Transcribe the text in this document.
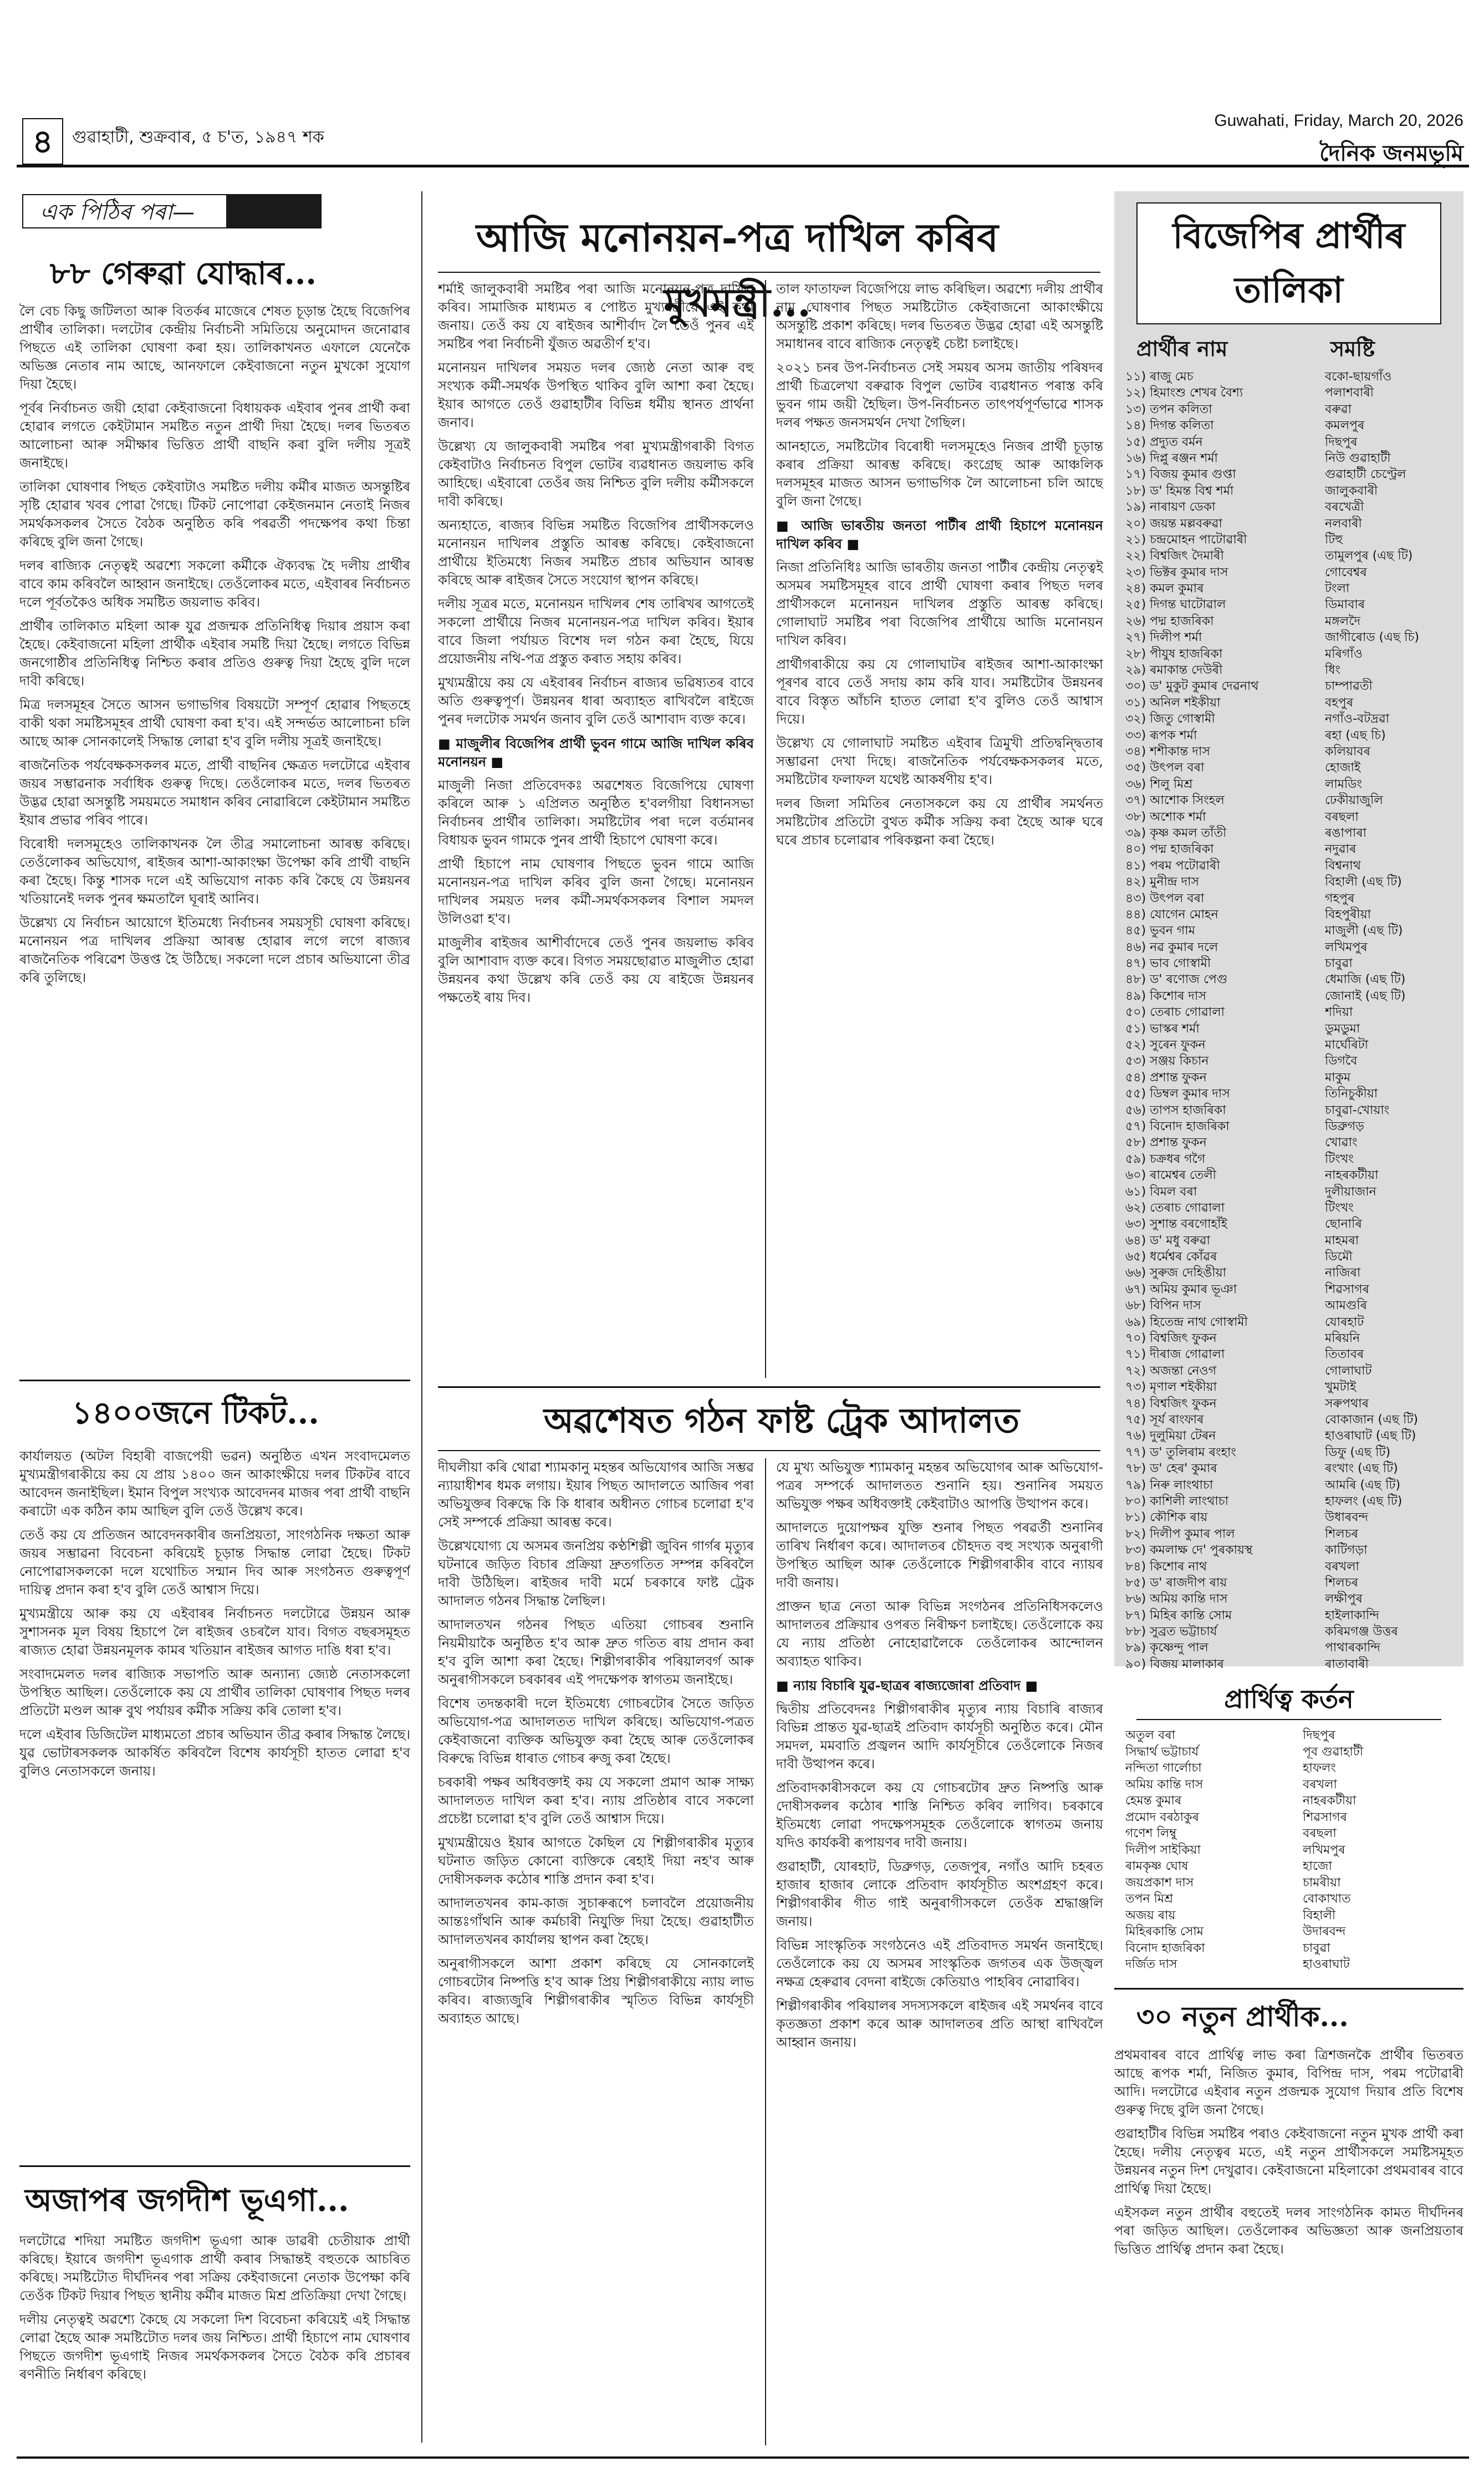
৪	গুৱাহাটী, শুক্রবাৰ, ৫ চ'ত, ১৯৪৭ শক
Guwahati, Friday, March 20, 2026
দৈনিক জনমভূমি
এক পিঠিৰ পৰা—
৮৮ গেৰুৱা যোদ্ধাৰ...

লৈ বেচ কিছু জটিলতা আৰু বিতৰ্কৰ মাজেৰে শেষত চূড়ান্ত হৈছে বিজেপিৰ প্ৰাৰ্থীৰ তালিকা। দলটোৰ কেন্দ্ৰীয় নিৰ্বাচনী সমিতিয়ে অনুমোদন জনোৱাৰ পিছতে এই তালিকা ঘোষণা কৰা হয়। তালিকাখনত এফালে যেনেকৈ অভিজ্ঞ নেতাৰ নাম আছে, আনফালে কেইবাজনো নতুন মুখকো সুযোগ দিয়া হৈছে।

পূৰ্বৰ নিৰ্বাচনত জয়ী হোৱা কেইবাজনো বিধায়কক এইবাৰ পুনৰ প্ৰাৰ্থী কৰা হোৱাৰ লগতে কেইটামান সমষ্টিত নতুন প্ৰাৰ্থী দিয়া হৈছে। দলৰ ভিতৰত আলোচনা আৰু সমীক্ষাৰ ভিত্তিত প্ৰাৰ্থী বাছনি কৰা বুলি দলীয় সূত্ৰই জনাইছে।

তালিকা ঘোষণাৰ পিছত কেইবাটাও সমষ্টিত দলীয় কৰ্মীৰ মাজত অসন্তুষ্টিৰ সৃষ্টি হোৱাৰ খবৰ পোৱা গৈছে। টিকট নোপোৱা কেইজনমান নেতাই নিজৰ সমৰ্থকসকলৰ সৈতে বৈঠক অনুষ্ঠিত কৰি পৰৱৰ্তী পদক্ষেপৰ কথা চিন্তা কৰিছে বুলি জনা গৈছে।

দলৰ ৰাজ্যিক নেতৃত্বই অৱশ্যে সকলো কৰ্মীকে ঐক্যবদ্ধ হৈ দলীয় প্ৰাৰ্থীৰ বাবে কাম কৰিবলৈ আহ্বান জনাইছে। তেওঁলোকৰ মতে, এইবাৰৰ নিৰ্বাচনত দলে পূৰ্বতকৈও অধিক সমষ্টিত জয়লাভ কৰিব।

প্ৰাৰ্থীৰ তালিকাত মহিলা আৰু যুৱ প্ৰজন্মক প্ৰতিনিধিত্ব দিয়াৰ প্ৰয়াস কৰা হৈছে। কেইবাজনো মহিলা প্ৰাৰ্থীক এইবাৰ সমষ্টি দিয়া হৈছে। লগতে বিভিন্ন জনগোষ্ঠীৰ প্ৰতিনিধিত্ব নিশ্চিত কৰাৰ প্ৰতিও গুৰুত্ব দিয়া হৈছে বুলি দলে দাবী কৰিছে।

মিত্ৰ দলসমূহৰ সৈতে আসন ভগাভগিৰ বিষয়টো সম্পূৰ্ণ হোৱাৰ পিছতহে বাকী থকা সমষ্টিসমূহৰ প্ৰাৰ্থী ঘোষণা কৰা হ'ব। এই সন্দৰ্ভত আলোচনা চলি আছে আৰু সোনকালেই সিদ্ধান্ত লোৱা হ'ব বুলি দলীয় সূত্ৰই জনাইছে।

ৰাজনৈতিক পৰ্যবেক্ষকসকলৰ মতে, প্ৰাৰ্থী বাছনিৰ ক্ষেত্ৰত দলটোৱে এইবাৰ জয়ৰ সম্ভাৱনাক সৰ্বাধিক গুৰুত্ব দিছে। তেওঁলোকৰ মতে, দলৰ ভিতৰত উদ্ভৱ হোৱা অসন্তুষ্টি সময়মতে সমাধান কৰিব নোৱাৰিলে কেইটামান সমষ্টিত ইয়াৰ প্ৰভাৱ পৰিব পাৰে।

বিৰোধী দলসমূহেও তালিকাখনক লৈ তীব্ৰ সমালোচনা আৰম্ভ কৰিছে। তেওঁলোকৰ অভিযোগ, ৰাইজৰ আশা-আকাংক্ষা উপেক্ষা কৰি প্ৰাৰ্থী বাছনি কৰা হৈছে। কিন্তু শাসক দলে এই অভিযোগ নাকচ কৰি কৈছে যে উন্নয়নৰ খতিয়ানেই দলক পুনৰ ক্ষমতালৈ ঘূৰাই আনিব।

উল্লেখ্য যে নিৰ্বাচন আয়োগে ইতিমধ্যে নিৰ্বাচনৰ সময়সূচী ঘোষণা কৰিছে। মনোনয়ন পত্ৰ দাখিলৰ প্ৰক্ৰিয়া আৰম্ভ হোৱাৰ লগে লগে ৰাজ্যৰ ৰাজনৈতিক পৰিৱেশ উত্তপ্ত হৈ উঠিছে। সকলো দলে প্ৰচাৰ অভিযানো তীব্ৰ কৰি তুলিছে।

১৪০০জনে টিকট...

কাৰ্যালয়ত (অটল বিহাৰী বাজপেয়ী ভৱন) অনুষ্ঠিত এখন সংবাদমেলত মুখ্যমন্ত্ৰীগৰাকীয়ে কয় যে প্ৰায় ১৪০০ জন আকাংক্ষীয়ে দলৰ টিকটৰ বাবে আবেদন জনাইছিল। ইমান বিপুল সংখ্যক আবেদনৰ মাজৰ পৰা প্ৰাৰ্থী বাছনি কৰাটো এক কঠিন কাম আছিল বুলি তেওঁ উল্লেখ কৰে।

তেওঁ কয় যে প্ৰতিজন আবেদনকাৰীৰ জনপ্ৰিয়তা, সাংগঠনিক দক্ষতা আৰু জয়ৰ সম্ভাৱনা বিবেচনা কৰিয়েই চূড়ান্ত সিদ্ধান্ত লোৱা হৈছে। টিকট নোপোৱাসকলকো দলে যথোচিত সন্মান দিব আৰু সংগঠনত গুৰুত্বপূৰ্ণ দায়িত্ব প্ৰদান কৰা হ'ব বুলি তেওঁ আশ্বাস দিয়ে।

মুখ্যমন্ত্ৰীয়ে আৰু কয় যে এইবাৰৰ নিৰ্বাচনত দলটোৱে উন্নয়ন আৰু সুশাসনক মূল বিষয় হিচাপে লৈ ৰাইজৰ ওচৰলৈ যাব। বিগত বছৰসমূহত ৰাজ্যত হোৱা উন্নয়নমূলক কামৰ খতিয়ান ৰাইজৰ আগত দাঙি ধৰা হ'ব।

সংবাদমেলত দলৰ ৰাজ্যিক সভাপতি আৰু অন্যান্য জ্যেষ্ঠ নেতাসকলো উপস্থিত আছিল। তেওঁলোকে কয় যে প্ৰাৰ্থীৰ তালিকা ঘোষণাৰ পিছত দলৰ প্ৰতিটো মণ্ডল আৰু বুথ পৰ্যায়ৰ কৰ্মীক সক্ৰিয় কৰি তোলা হ'ব।

দলে এইবাৰ ডিজিটেল মাধ্যমতো প্ৰচাৰ অভিযান তীব্ৰ কৰাৰ সিদ্ধান্ত লৈছে। যুৱ ভোটাৰসকলক আকৰ্ষিত কৰিবলৈ বিশেষ কাৰ্যসূচী হাতত লোৱা হ'ব বুলিও নেতাসকলে জনায়।

অজাপৰ জগদীশ ভূএগা...

দলটোৱে শদিয়া সমষ্টিত জগদীশ ভূএগা আৰু ডাৱৰী চেতীয়াক প্ৰাৰ্থী কৰিছে। ইয়াৰে জগদীশ ভূএগাক প্ৰাৰ্থী কৰাৰ সিদ্ধান্তই বহুতকে আচৰিত কৰিছে। সমষ্টিটোত দীৰ্ঘদিনৰ পৰা সক্ৰিয় কেইবাজনো নেতাক উপেক্ষা কৰি তেওঁক টিকট দিয়াৰ পিছত স্থানীয় কৰ্মীৰ মাজত মিশ্ৰ প্ৰতিক্ৰিয়া দেখা গৈছে।

দলীয় নেতৃত্বই অৱশ্যে কৈছে যে সকলো দিশ বিবেচনা কৰিয়েই এই সিদ্ধান্ত লোৱা হৈছে আৰু সমষ্টিটোত দলৰ জয় নিশ্চিত। প্ৰাৰ্থী হিচাপে নাম ঘোষণাৰ পিছতে জগদীশ ভূএগাই নিজৰ সমৰ্থকসকলৰ সৈতে বৈঠক কৰি প্ৰচাৰৰ ৰণনীতি নিৰ্ধাৰণ কৰিছে।

আজি মনোনয়ন-পত্ৰ দাখিল কৰিব মুখমন্ত্ৰী...

শৰ্মাই জালুকবাৰী সমষ্টিৰ পৰা আজি মনোনয়ন-পত্ৰ দাখিল কৰিব। সামাজিক মাধ্যমত ৰ পোষ্টত মুখ্যমন্ত্ৰীয়ে এই কথা জনায়। তেওঁ কয় যে ৰাইজৰ আশীৰ্বাদ লৈ তেওঁ পুনৰ এই সমষ্টিৰ পৰা নিৰ্বাচনী যুঁজত অৱতীৰ্ণ হ'ব।

মনোনয়ন দাখিলৰ সময়ত দলৰ জ্যেষ্ঠ নেতা আৰু বহু সংখ্যক কৰ্মী-সমৰ্থক উপস্থিত থাকিব বুলি আশা কৰা হৈছে। ইয়াৰ আগতে তেওঁ গুৱাহাটীৰ বিভিন্ন ধৰ্মীয় স্থানত প্ৰাৰ্থনা জনাব।

উল্লেখ্য যে জালুকবাৰী সমষ্টিৰ পৰা মুখ্যমন্ত্ৰীগৰাকী বিগত কেইবাটাও নিৰ্বাচনত বিপুল ভোটৰ ব্যৱধানত জয়লাভ কৰি আহিছে। এইবাৰো তেওঁৰ জয় নিশ্চিত বুলি দলীয় কৰ্মীসকলে দাবী কৰিছে।

অন্যহাতে, ৰাজ্যৰ বিভিন্ন সমষ্টিত বিজেপিৰ প্ৰাৰ্থীসকলেও মনোনয়ন দাখিলৰ প্ৰস্তুতি আৰম্ভ কৰিছে। কেইবাজনো প্ৰাৰ্থীয়ে ইতিমধ্যে নিজৰ সমষ্টিত প্ৰচাৰ অভিযান আৰম্ভ কৰিছে আৰু ৰাইজৰ সৈতে সংযোগ স্থাপন কৰিছে।

দলীয় সূত্ৰৰ মতে, মনোনয়ন দাখিলৰ শেষ তাৰিখৰ আগতেই সকলো প্ৰাৰ্থীয়ে নিজৰ মনোনয়ন-পত্ৰ দাখিল কৰিব। ইয়াৰ বাবে জিলা পৰ্যায়ত বিশেষ দল গঠন কৰা হৈছে, যিয়ে প্ৰয়োজনীয় নথি-পত্ৰ প্ৰস্তুত কৰাত সহায় কৰিব।

মুখ্যমন্ত্ৰীয়ে কয় যে এইবাৰৰ নিৰ্বাচন ৰাজ্যৰ ভৱিষ্যতৰ বাবে অতি গুৰুত্বপূৰ্ণ। উন্নয়নৰ ধাৰা অব্যাহত ৰাখিবলৈ ৰাইজে পুনৰ দলটোক সমৰ্থন জনাব বুলি তেওঁ আশাবাদ ব্যক্ত কৰে।

■ মাজুলীৰ বিজেপিৰ প্ৰাৰ্থী ভুবন গামে আজি দাখিল কৰিব মনোনয়ন ■

মাজুলী নিজা প্ৰতিবেদকঃ অৱশেষত বিজেপিয়ে ঘোষণা কৰিলে আৰু ১ এপ্ৰিলত অনুষ্ঠিত হ'বলগীয়া বিধানসভা নিৰ্বাচনৰ প্ৰাৰ্থীৰ তালিকা। সমষ্টিটোৰ পৰা দলে বৰ্তমানৰ বিধায়ক ভুবন গামকে পুনৰ প্ৰাৰ্থী হিচাপে ঘোষণা কৰে।

প্ৰাৰ্থী হিচাপে নাম ঘোষণাৰ পিছতে ভুবন গামে আজি মনোনয়ন-পত্ৰ দাখিল কৰিব বুলি জনা গৈছে। মনোনয়ন দাখিলৰ সময়ত দলৰ কৰ্মী-সমৰ্থকসকলৰ বিশাল সমদল উলিওৱা হ'ব।

মাজুলীৰ ৰাইজৰ আশীৰ্বাদেৰে তেওঁ পুনৰ জয়লাভ কৰিব বুলি আশাবাদ ব্যক্ত কৰে। বিগত সময়ছোৱাত মাজুলীত হোৱা উন্নয়নৰ কথা উল্লেখ কৰি তেওঁ কয় যে ৰাইজে উন্নয়নৰ পক্ষতেই ৰায় দিব।

তাল ফাতাফল বিজেপিয়ে লাভ কৰিছিল। অৱশ্যে দলীয় প্ৰাৰ্থীৰ নাম ঘোষণাৰ পিছত সমষ্টিটোত কেইবাজনো আকাংক্ষীয়ে অসন্তুষ্টি প্ৰকাশ কৰিছে। দলৰ ভিতৰত উদ্ভৱ হোৱা এই অসন্তুষ্টি সমাধানৰ বাবে ৰাজ্যিক নেতৃত্বই চেষ্টা চলাইছে।

২০২১ চনৰ উপ-নিৰ্বাচনত সেই সময়ৰ অসম জাতীয় পৰিষদৰ প্ৰাৰ্থী চিত্ৰলেখা বৰুৱাক বিপুল ভোটৰ ব্যৱধানত পৰাস্ত কৰি ভুবন গাম জয়ী হৈছিল। উপ-নিৰ্বাচনত তাৎপৰ্যপূৰ্ণভাৱে শাসক দলৰ পক্ষত জনসমৰ্থন দেখা গৈছিল।

আনহাতে, সমষ্টিটোৰ বিৰোধী দলসমূহেও নিজৰ প্ৰাৰ্থী চূড়ান্ত কৰাৰ প্ৰক্ৰিয়া আৰম্ভ কৰিছে। কংগ্ৰেছ আৰু আঞ্চলিক দলসমূহৰ মাজত আসন ভগাভগিক লৈ আলোচনা চলি আছে বুলি জনা গৈছে।

■ আজি ভাৰতীয় জনতা পাৰ্টীৰ প্ৰাৰ্থী হিচাপে মনোনয়ন দাখিল কৰিব ■

নিজা প্ৰতিনিধিঃ আজি ভাৰতীয় জনতা পাৰ্টীৰ কেন্দ্ৰীয় নেতৃত্বই অসমৰ সমষ্টিসমূহৰ বাবে প্ৰাৰ্থী ঘোষণা কৰাৰ পিছত দলৰ প্ৰাৰ্থীসকলে মনোনয়ন দাখিলৰ প্ৰস্তুতি আৰম্ভ কৰিছে। গোলাঘাট সমষ্টিৰ পৰা বিজেপিৰ প্ৰাৰ্থীয়ে আজি মনোনয়ন দাখিল কৰিব।

প্ৰাৰ্থীগৰাকীয়ে কয় যে গোলাঘাটৰ ৰাইজৰ আশা-আকাংক্ষা পূৰণৰ বাবে তেওঁ সদায় কাম কৰি যাব। সমষ্টিটোৰ উন্নয়নৰ বাবে বিস্তৃত আঁচনি হাতত লোৱা হ'ব বুলিও তেওঁ আশ্বাস দিয়ে।

উল্লেখ্য যে গোলাঘাট সমষ্টিত এইবাৰ ত্ৰিমুখী প্ৰতিদ্বন্দ্বিতাৰ সম্ভাৱনা দেখা দিছে। ৰাজনৈতিক পৰ্যবেক্ষকসকলৰ মতে, সমষ্টিটোৰ ফলাফল যথেষ্ট আকৰ্ষণীয় হ'ব।

দলৰ জিলা সমিতিৰ নেতাসকলে কয় যে প্ৰাৰ্থীৰ সমৰ্থনত সমষ্টিটোৰ প্ৰতিটো বুথত কৰ্মীক সক্ৰিয় কৰা হৈছে আৰু ঘৰে ঘৰে প্ৰচাৰ চলোৱাৰ পৰিকল্পনা কৰা হৈছে।

অৱশেষত গঠন ফাষ্ট ট্ৰেক আদালত

দীঘলীয়া কৰি থোৱা শ্যামকানু মহন্তৰ অভিযোগৰ আজি সম্ভৱ ন্যায়াধীশৰ ধমক লগায়। ইয়াৰ পিছত আদালতে আজিৰ পৰা অভিযুক্তৰ বিৰুদ্ধে কি কি ধাৰাৰ অধীনত গোচৰ চলোৱা হ'ব সেই সম্পৰ্কে প্ৰক্ৰিয়া আৰম্ভ কৰে।

উল্লেখযোগ্য যে অসমৰ জনপ্ৰিয় কণ্ঠশিল্পী জুবিন গাৰ্গৰ মৃত্যুৰ ঘটনাৰে জড়িত বিচাৰ প্ৰক্ৰিয়া দ্ৰুতগতিত সম্পন্ন কৰিবলৈ দাবী উঠিছিল। ৰাইজৰ দাবী মৰ্মে চৰকাৰে ফাষ্ট ট্ৰেক আদালত গঠনৰ সিদ্ধান্ত লৈছিল।

আদালতখন গঠনৰ পিছত এতিয়া গোচৰৰ শুনানি নিয়মীয়াকৈ অনুষ্ঠিত হ'ব আৰু দ্ৰুত গতিত ৰায় প্ৰদান কৰা হ'ব বুলি আশা কৰা হৈছে। শিল্পীগৰাকীৰ পৰিয়ালবৰ্গ আৰু অনুৰাগীসকলে চৰকাৰৰ এই পদক্ষেপক স্বাগতম জনাইছে।

বিশেষ তদন্তকাৰী দলে ইতিমধ্যে গোচৰটোৰ সৈতে জড়িত অভিযোগ-পত্ৰ আদালতত দাখিল কৰিছে। অভিযোগ-পত্ৰত কেইবাজনো ব্যক্তিক অভিযুক্ত কৰা হৈছে আৰু তেওঁলোকৰ বিৰুদ্ধে বিভিন্ন ধাৰাত গোচৰ ৰুজু কৰা হৈছে।

চৰকাৰী পক্ষৰ অধিবক্তাই কয় যে সকলো প্ৰমাণ আৰু সাক্ষ্য আদালতত দাখিল কৰা হ'ব। ন্যায় প্ৰতিষ্ঠাৰ বাবে সকলো প্ৰচেষ্টা চলোৱা হ'ব বুলি তেওঁ আশ্বাস দিয়ে।

মুখ্যমন্ত্ৰীয়েও ইয়াৰ আগতে কৈছিল যে শিল্পীগৰাকীৰ মৃত্যুৰ ঘটনাত জড়িত কোনো ব্যক্তিকে ৰেহাই দিয়া নহ'ব আৰু দোষীসকলক কঠোৰ শাস্তি প্ৰদান কৰা হ'ব।

আদালতখনৰ কাম-কাজ সুচাৰুৰূপে চলাবলৈ প্ৰয়োজনীয় আন্তঃগাঁথনি আৰু কৰ্মচাৰী নিযুক্তি দিয়া হৈছে। গুৱাহাটীত আদালতখনৰ কাৰ্যালয় স্থাপন কৰা হৈছে।

অনুৰাগীসকলে আশা প্ৰকাশ কৰিছে যে সোনকালেই গোচৰটোৰ নিষ্পত্তি হ'ব আৰু প্ৰিয় শিল্পীগৰাকীয়ে ন্যায় লাভ কৰিব। ৰাজ্যজুৰি শিল্পীগৰাকীৰ স্মৃতিত বিভিন্ন কাৰ্যসূচী অব্যাহত আছে।

যে মুখ্য অভিযুক্ত শ্যামকানু মহন্তৰ অভিযোগৰ আৰু অভিযোগ-পত্ৰৰ সম্পৰ্কে আদালতত শুনানি হয়। শুনানিৰ সময়ত অভিযুক্ত পক্ষৰ অধিবক্তাই কেইবাটাও আপত্তি উত্থাপন কৰে।

আদালতে দুয়োপক্ষৰ যুক্তি শুনাৰ পিছত পৰৱৰ্তী শুনানিৰ তাৰিখ নিৰ্ধাৰণ কৰে। আদালতৰ চৌহদত বহু সংখ্যক অনুৰাগী উপস্থিত আছিল আৰু তেওঁলোকে শিল্পীগৰাকীৰ বাবে ন্যায়ৰ দাবী জনায়।

প্ৰাক্তন ছাত্ৰ নেতা আৰু বিভিন্ন সংগঠনৰ প্ৰতিনিধিসকলেও আদালতৰ প্ৰক্ৰিয়াৰ ওপৰত নিৰীক্ষণ চলাইছে। তেওঁলোকে কয় যে ন্যায় প্ৰতিষ্ঠা নোহোৱালৈকে তেওঁলোকৰ আন্দোলন অব্যাহত থাকিব।

■ ন্যায় বিচাৰি যুৱ-ছাত্ৰৰ ৰাজ্যজোৰা প্ৰতিবাদ ■

দ্বিতীয় প্ৰতিবেদনঃ শিল্পীগৰাকীৰ মৃত্যুৰ ন্যায় বিচাৰি ৰাজ্যৰ বিভিন্ন প্ৰান্তত যুৱ-ছাত্ৰই প্ৰতিবাদ কাৰ্যসূচী অনুষ্ঠিত কৰে। মৌন সমদল, মমবাতি প্ৰজ্বলন আদি কাৰ্যসূচীৰে তেওঁলোকে নিজৰ দাবী উত্থাপন কৰে।

প্ৰতিবাদকাৰীসকলে কয় যে গোচৰটোৰ দ্ৰুত নিষ্পত্তি আৰু দোষীসকলৰ কঠোৰ শাস্তি নিশ্চিত কৰিব লাগিব। চৰকাৰে ইতিমধ্যে লোৱা পদক্ষেপসমূহক তেওঁলোকে স্বাগতম জনায় যদিও কাৰ্যকৰী ৰূপায়ণৰ দাবী জনায়।

গুৱাহাটী, যোৰহাট, ডিব্ৰুগড়, তেজপুৰ, নগাঁও আদি চহৰত হাজাৰ হাজাৰ লোকে প্ৰতিবাদ কাৰ্যসূচীত অংশগ্ৰহণ কৰে। শিল্পীগৰাকীৰ গীত গাই অনুৰাগীসকলে তেওঁক শ্ৰদ্ধাঞ্জলি জনায়।

বিভিন্ন সাংস্কৃতিক সংগঠনেও এই প্ৰতিবাদত সমৰ্থন জনাইছে। তেওঁলোকে কয় যে অসমৰ সাংস্কৃতিক জগতৰ এক উজ্জ্বল নক্ষত্ৰ হেৰুৱাৰ বেদনা ৰাইজে কেতিয়াও পাহৰিব নোৱাৰিব।

শিল্পীগৰাকীৰ পৰিয়ালৰ সদস্যসকলে ৰাইজৰ এই সমৰ্থনৰ বাবে কৃতজ্ঞতা প্ৰকাশ কৰে আৰু আদালতৰ প্ৰতি আস্থা ৰাখিবলৈ আহ্বান জনায়।

বিজেপিৰ প্ৰাৰ্থীৰ তালিকা
প্ৰাৰ্থীৰ নাম	সমষ্টি
১১) ৰাজু মেচ	বকো-ছায়গাঁও
১২) হিমাংশু শেখৰ বৈশ্য	পলাশবাৰী
১৩) তপন কলিতা	বৰুৱা
১৪) দিগন্ত কলিতা	কমলপুৰ
১৫) প্ৰদ্যুত বৰ্মন	দিছপুৰ
১৬) দিপ্লু ৰঞ্জন শৰ্মা	নিউ গুৱাহাটী
১৭) বিজয় কুমাৰ গুপ্তা	গুৱাহাটী চেণ্ট্ৰেল
১৮) ড' হিমন্ত বিশ্ব শৰ্মা	জালুকবাৰী
১৯) নাৰায়ণ ডেকা	বৰখেত্ৰী
২০) জয়ন্ত মল্লবৰুৱা	নলবাৰী
২১) চন্দ্ৰমোহন পাটোৱাৰী	টিহু
২২) বিশ্বজিৎ দৈমাৰী	তামুলপুৰ (এছ টি)
২৩) ভিক্টৰ কুমাৰ দাস	গোবেশ্বৰ
২৪) কমল কুমাৰ	টংলা
২৫) দিগন্ত ঘাটোৱাল	ডিমাবাৰ
২৬) পদ্ম হাজৰিকা	মঙ্গলদৈ
২৭) দিলীপ শৰ্মা	জাগীৰোড (এছ চি)
২৮) পীযুষ হাজৰিকা	মৰিগাঁও
২৯) ৰমাকান্ত দেউৰী	ধিং
৩০) ড' মুকুট কুমাৰ দেৱনাথ	চাম্পাৱতী
৩১) অনিল শইকীয়া	বহপুৰ
৩২) জিতু গোস্বামী	নগাঁও-বটদ্ৰৱা
৩৩) ৰূপক শৰ্মা	ৰহা (এছ চি)
৩৪) শশীকান্ত দাস	কলিয়াবৰ
৩৫) উৎপল বৰা	হোজাই
৩৬) শিলু মিশ্ৰ	লামডিং
৩৭) আশোক সিংহল	ঢেকীয়াজুলি
৩৮) অশোক শৰ্মা	বৰছলা
৩৯) কৃষ্ণ কমল তাঁতী	ৰঙাপাৰা
৪০) পদ্ম হাজৰিকা	নদুৱাৰ
৪১) পৰম পটোৱাৰী	বিশ্বনাথ
৪২) মুনীন্দ্ৰ দাস	বিহালী (এছ টি)
৪৩) উৎপল বৰা	গহপুৰ
৪৪) যোগেন মোহন	বিহপুৰীয়া
৪৫) ভুবন গাম	মাজুলী (এছ টি)
৪৬) নৱ কুমাৰ দলে	লখিমপুৰ
৪৭) ভাব গোস্বামী	চাবুৱা
৪৮) ড' ৰণোজ পেগু	ধেমাজি (এছ টি)
৪৯) কিশোৰ দাস	জোনাই (এছ টি)
৫০) তেৰাচ গোৱালা	শদিয়া
৫১) ভাস্কৰ শৰ্মা	ডুমডুমা
৫২) সুৰেন ফুকন	মাৰ্ঘেৰিটা
৫৩) সঞ্জয় কিচান	ডিগবৈ
৫৪) প্ৰশান্ত ফুকন	মাকুম
৫৫) ডিম্বল কুমাৰ দাস	তিনিচুকীয়া
৫৬) তাপস হাজৰিকা	চাবুৱা-খোয়াং
৫৭) বিনোদ হাজৰিকা	ডিব্ৰুগড়
৫৮) প্ৰশান্ত ফুকন	খোৱাং
৫৯) চক্ৰধৰ গগৈ	টিংখং
৬০) ৰামেশ্বৰ তেলী	নাহৰকটীয়া
৬১) বিমল বৰা	দুলীয়াজান
৬২) তেৰাচ গোৱালা	টিংখং
৬৩) সুশান্ত বৰগোহাঁই	ছোনাৰি
৬৪) ড' মধু বৰুৱা	মাহমৰা
৬৫) ধৰ্মেশ্বৰ কোঁৱৰ	ডিমৌ
৬৬) সুৰুজ দেহিঙীয়া	নাজিৰা
৬৭) অমিয় কুমাৰ ভূঞা	শিৱসাগৰ
৬৮) বিপিন দাস	আমগুৰি
৬৯) হিতেন্দ্ৰ নাথ গোস্বামী	যোৰহাট
৭০) বিশ্বজিৎ ফুকন	মৰিয়নি
৭১) দীৰাজ গোৱালা	তিতাবৰ
৭২) অজন্তা নেওগ	গোলাঘাট
৭৩) মৃণাল শইকীয়া	খুমটাই
৭৪) বিশ্বজিৎ ফুকন	সৰুপথাৰ
৭৫) সূৰ্য ৰাংফাৰ	বোকাজান (এছ টি)
৭৬) দুলুমিয়া টেৰন	হাওৰাঘাট (এছ টি)
৭৭) ড' তুলিৰাম ৰংহাং	ডিফু (এছ টি)
৭৮) ড' হেৰ' কুমাৰ	ৰংখাং (এছ টি)
৭৯) নিৰু লাংথাচা	আমৰি (এছ টি)
৮০) কাশিলী লাংথাচা	হাফলং (এছ টি)
৮১) কৌশিক ৰায়	উধাৰবন্দ
৮২) দিলীপ কুমাৰ পাল	শিলচৰ
৮৩) কমলাক্ষ দে' পুৰকায়স্থ	কাটিগড়া
৮৪) কিশোৰ নাথ	বৰখলা
৮৫) ড' ৰাজদীপ ৰায়	শিলচৰ
৮৬) অমিয় কান্তি দাস	লক্ষীপুৰ
৮৭) মিহিৰ কান্তি সোম	হাইলাকান্দি
৮৮) সুব্ৰত ভট্টাচাৰ্য	কৰিমগঞ্জ উত্তৰ
৮৯) কৃষ্ণেন্দু পাল	পাথাৰকান্দি
৯০) বিজয় মালাকাৰ	ৰাতাবাৰী
প্ৰাৰ্থিত্ব কৰ্তন
অতুল বৰা	দিছপুৰ
সিদ্ধাৰ্থ ভট্টাচাৰ্য	পূব গুৱাহাটী
নন্দিতা গাৰ্লোচা	হাফলং
অমিয় কান্তি দাস	বৰখলা
হেমন্ত কুমাৰ	নাহৰকটীয়া
প্ৰমোদ বৰঠাকুৰ	শিৱসাগৰ
গণেশ লিম্বু	বৰছলা
দিলীপ সাইকিয়া	লখিমপুৰ
ৰামকৃষ্ণ ঘোষ	হাজো
জয়প্ৰকাশ দাস	চামৰীয়া
তপন মিশ্ৰ	বোকাখাত
অজয় ৰায়	বিহালী
মিহিৰকান্তি সোম	উদাৰবন্দ
বিনোদ হাজৰিকা	চাবুৱা
দৰ্জিত দাস	হাওৰাঘাট
৩০ নতুন প্ৰাৰ্থীক...

প্ৰথমবাৰৰ বাবে প্ৰাৰ্থিত্ব লাভ কৰা ত্ৰিশজনকৈ প্ৰাৰ্থীৰ ভিতৰত আছে ৰূপক শৰ্মা, নিজিত কুমাৰ, বিপিন্দ্ৰ দাস, পৰম পটোৱাৰী আদি। দলটোৱে এইবাৰ নতুন প্ৰজন্মক সুযোগ দিয়াৰ প্ৰতি বিশেষ গুৰুত্ব দিছে বুলি জনা গৈছে।

গুৱাহাটীৰ বিভিন্ন সমষ্টিৰ পৰাও কেইবাজনো নতুন মুখক প্ৰাৰ্থী কৰা হৈছে। দলীয় নেতৃত্বৰ মতে, এই নতুন প্ৰাৰ্থীসকলে সমষ্টিসমূহত উন্নয়নৰ নতুন দিশ দেখুৱাব। কেইবাজনো মহিলাকো প্ৰথমবাৰৰ বাবে প্ৰাৰ্থিত্ব দিয়া হৈছে।

এইসকল নতুন প্ৰাৰ্থীৰ বহুতেই দলৰ সাংগঠনিক কামত দীৰ্ঘদিনৰ পৰা জড়িত আছিল। তেওঁলোকৰ অভিজ্ঞতা আৰু জনপ্ৰিয়তাৰ ভিত্তিত প্ৰাৰ্থিত্ব প্ৰদান কৰা হৈছে।
